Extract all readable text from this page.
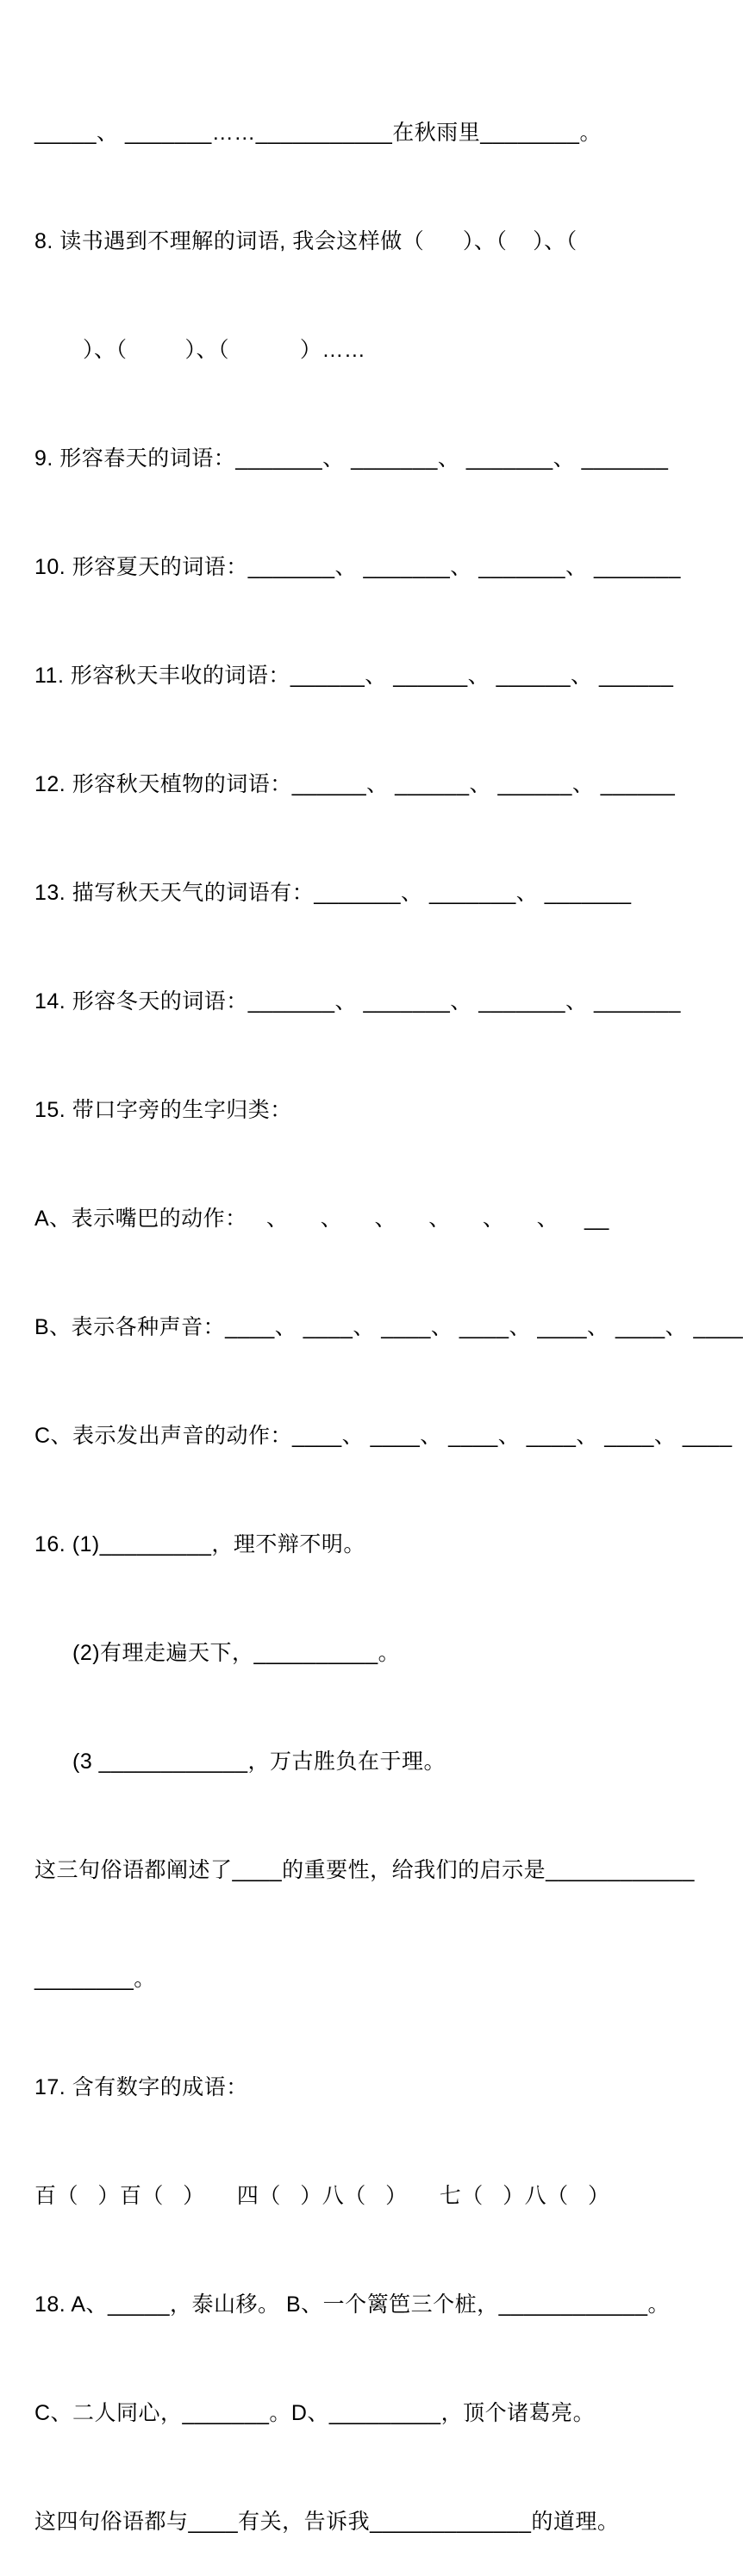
_____、 _______……___________在秋雨里________。

8. 读书遇到不理解的词语, 我会这样做（      ）、（    ）、（

）、（         ）、（           ）……

9. 形容春天的词语：_______、 _______、 _______、 _______

10. 形容夏天的词语：_______、 _______、 _______、 _______

11. 形容秋天丰收的词语：______、 ______、 ______、 ______

12. 形容秋天植物的词语：______、 ______、 ______、 ______

13. 描写秋天天气的词语有：_______、 _______、 _______

14. 形容冬天的词语：_______、 _______、 _______、 _______

15. 带口字旁的生字归类：

A、表示嘴巴的动作：   、     、     、     、     、     、    __

B、表示各种声音：____、 ____、 ____、 ____、 ____、 ____、 ____

C、表示发出声音的动作：____、 ____、 ____、 ____、 ____、 ____

16. (1)_________，理不辩不明。

(2)有理走遍天下，__________。

(3 ____________，万古胜负在于理。

这三句俗语都阐述了____的重要性，给我们的启示是____________

________。

17. 含有数字的成语：

百（   ）百（   ）     四（   ）八（   ）     七（   ）八（   ）

18. A、_____，泰山移。 B、一个篱笆三个桩，____________。

C、二人同心，_______。D、_________，顶个诸葛亮。

这四句俗语都与____有关，告诉我_____________的道理。
